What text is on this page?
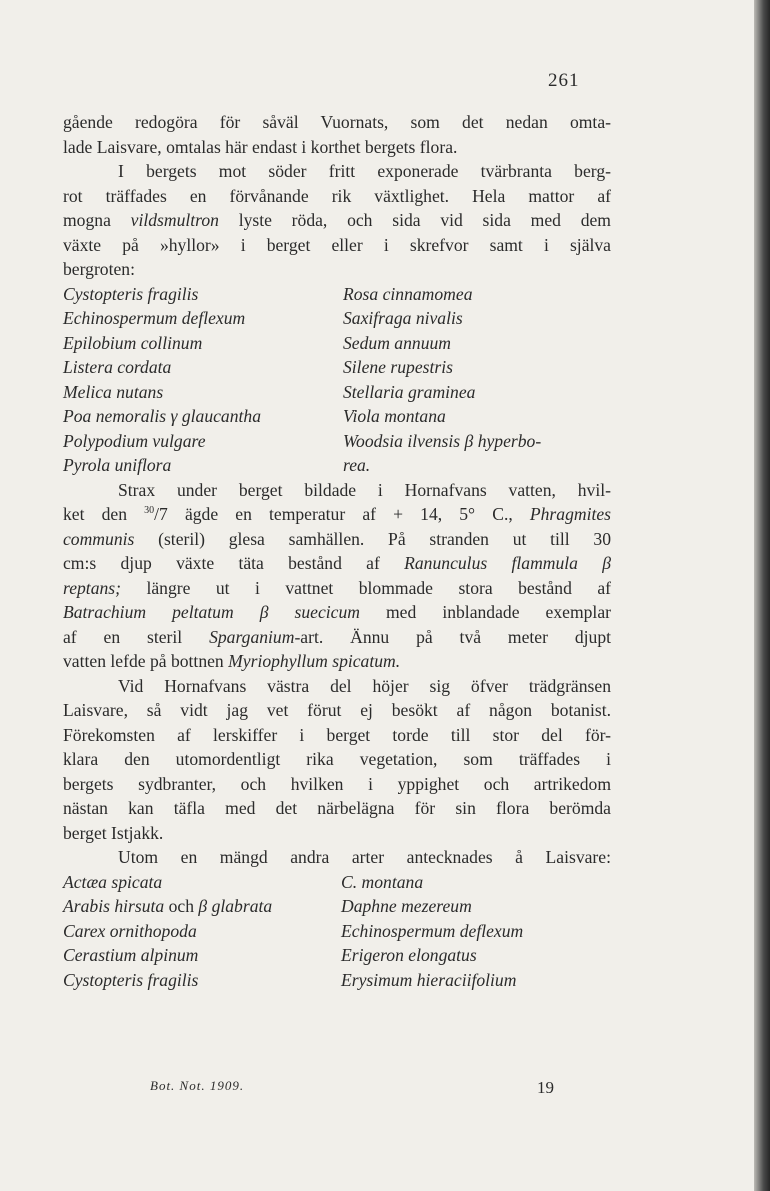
261
gående redogöra för såväl Vuornats, som det nedan omta-
lade Laisvare, omtalas här endast i korthet bergets flora.
I bergets mot söder fritt exponerade tvärbranta berg-
rot träffades en förvånande rik växtlighet. Hela mattor af
mogna vildsmultron lyste röda, och sida vid sida med dem
växte på »hyllor» i berget eller i skrefvor samt i själva
bergroten:
Cystopteris fragilis	Rosa cinnamomea
Echinospermum deflexum	Saxifraga nivalis
Epilobium collinum	Sedum annuum
Listera cordata	Silene rupestris
Melica nutans	Stellaria graminea
Poa nemoralis γ glaucantha	Viola montana
Polypodium vulgare	Woodsia ilvensis β hyperbo-
Pyrola uniflora	rea.
Strax under berget bildade i Hornafvans vatten, hvil-
ket den $^{30}$/7 ägde en temperatur af + 14, 5° C., Phragmites
communis (steril) glesa samhällen. På stranden ut till 30
cm:s djup växte täta bestånd af Ranunculus flammula β
reptans; längre ut i vattnet blommade stora bestånd af
Batrachium peltatum β suecicum med inblandade exemplar
af en steril Sparganium-art. Ännu på två meter djupt
vatten lefde på bottnen Myriophyllum spicatum.
Vid Hornafvans västra del höjer sig öfver trädgränsen
Laisvare, så vidt jag vet förut ej besökt af någon botanist.
Förekomsten af lerskiffer i berget torde till stor del för-
klara den utomordentligt rika vegetation, som träffades i
bergets sydbranter, och hvilken i yppighet och artrikedom
nästan kan täfla med det närbelägna för sin flora berömda
berget Istjakk.
Utom en mängd andra arter antecknades å Laisvare:
Actæa spicata	C. montana
Arabis hirsuta och β glabrata	Daphne mezereum
Carex ornithopoda	Echinospermum deflexum
Cerastium alpinum	Erigeron elongatus
Cystopteris fragilis	Erysimum hieraciifolium
Bot. Not. 1909.	19
